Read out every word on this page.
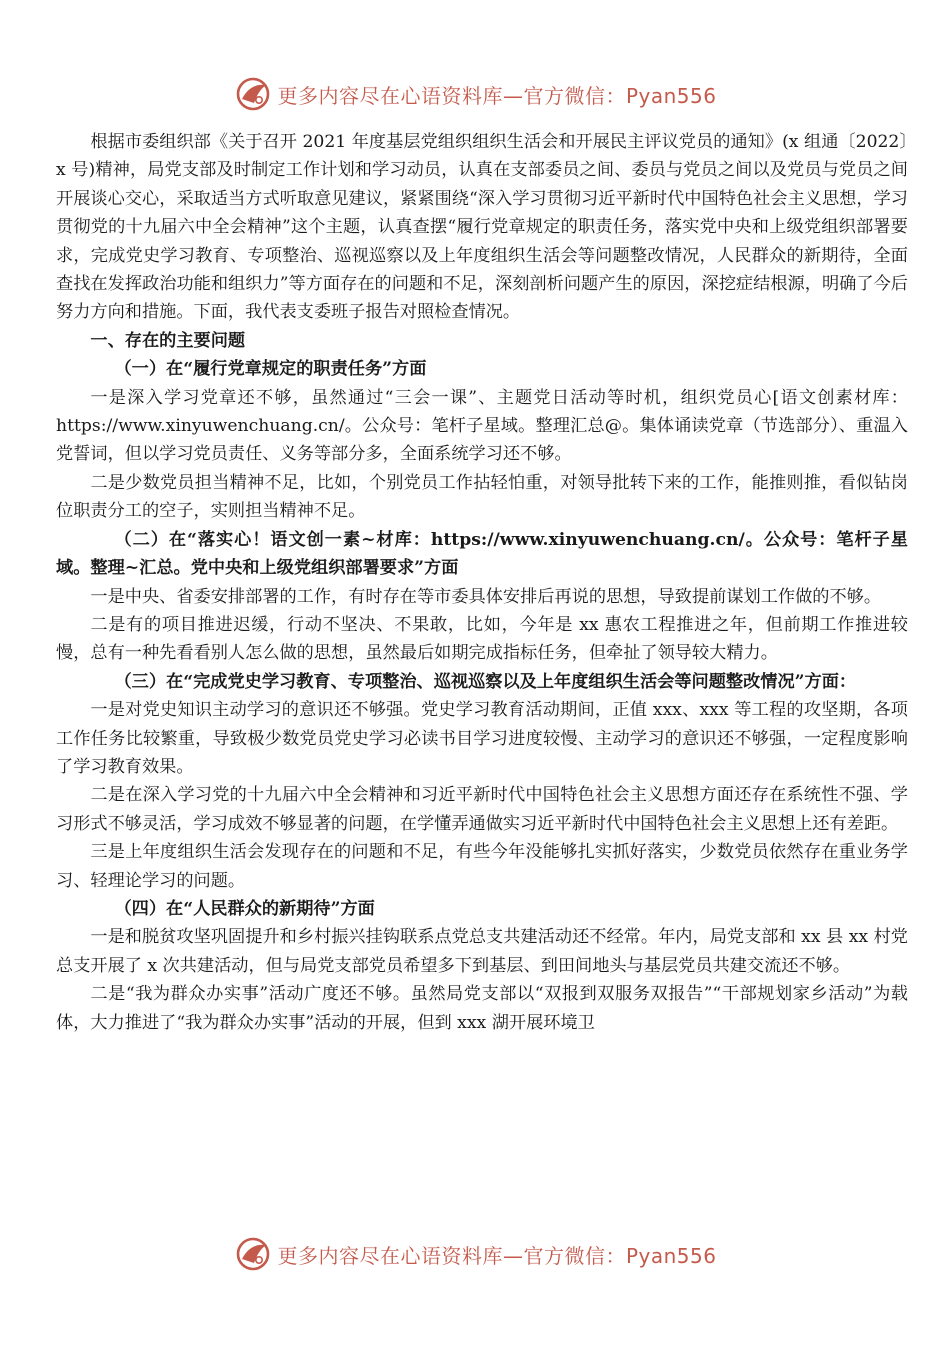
更多内容尽在心语资料库—官方微信：Pyan556

根据市委组织部《关于召开 2021 年度基层党组织组织生活会和开展民主评议党员的通知》(x 组通〔2022〕x 号)精神，局党支部及时制定工作计划和学习动员，认真在支部委员之间、委员与党员之间以及党员与党员之间开展谈心交心，采取适当方式听取意见建议，紧紧围绕“深入学习贯彻习近平新时代中国特色社会主义思想，学习贯彻党的十九届六中全会精神”这个主题，认真查摆“履行党章规定的职责任务，落实党中央和上级党组织部署要求，完成党史学习教育、专项整治、巡视巡察以及上年度组织生活会等问题整改情况，人民群众的新期待，全面查找在发挥政治功能和组织力”等方面存在的问题和不足，深刻剖析问题产生的原因，深挖症结根源，明确了今后努力方向和措施。下面，我代表支委班子报告对照检查情况。

一、存在的主要问题

（一）在“履行党章规定的职责任务”方面

一是深入学习党章还不够，虽然通过“三会一课”、主题党日活动等时机，组织党员心[语文创素材库：https://www.xinyuwenchuang.cn/。公众号：笔杆子星域。整理汇总@。集体诵读党章（节选部分）、重温入党誓词，但以学习党员责任、义务等部分多，全面系统学习还不够。

二是少数党员担当精神不足，比如，个别党员工作拈轻怕重，对领导批转下来的工作，能推则推，看似钻岗位职责分工的空子，实则担当精神不足。

（二）在“落实心！语文创一素~材库：https://www.xinyuwenchuang.cn/。公众号：笔杆子星域。整理~汇总。党中央和上级党组织部署要求”方面

一是中央、省委安排部署的工作，有时存在等市委具体安排后再说的思想，导致提前谋划工作做的不够。

二是有的项目推进迟缓，行动不坚决、不果敢，比如，今年是 xx 惠农工程推进之年，但前期工作推进较慢，总有一种先看看别人怎么做的思想，虽然最后如期完成指标任务，但牵扯了领导较大精力。

（三）在“完成党史学习教育、专项整治、巡视巡察以及上年度组织生活会等问题整改情况”方面：

一是对党史知识主动学习的意识还不够强。党史学习教育活动期间，正值 xxx、xxx 等工程的攻坚期，各项工作任务比较繁重，导致极少数党员党史学习必读书目学习进度较慢、主动学习的意识还不够强，一定程度影响了学习教育效果。

二是在深入学习党的十九届六中全会精神和习近平新时代中国特色社会主义思想方面还存在系统性不强、学习形式不够灵活，学习成效不够显著的问题，在学懂弄通做实习近平新时代中国特色社会主义思想上还有差距。

三是上年度组织生活会发现存在的问题和不足，有些今年没能够扎实抓好落实，少数党员依然存在重业务学习、轻理论学习的问题。

（四）在“人民群众的新期待”方面

一是和脱贫攻坚巩固提升和乡村振兴挂钩联系点党总支共建活动还不经常。年内，局党支部和 xx 县 xx 村党总支开展了 x 次共建活动，但与局党支部党员希望多下到基层、到田间地头与基层党员共建交流还不够。

二是“我为群众办实事”活动广度还不够。虽然局党支部以“双报到双服务双报告”“干部规划家乡活动”为载体，大力推进了“我为群众办实事”活动的开展，但到 xxx 湖开展环境卫

更多内容尽在心语资料库—官方微信：Pyan556
